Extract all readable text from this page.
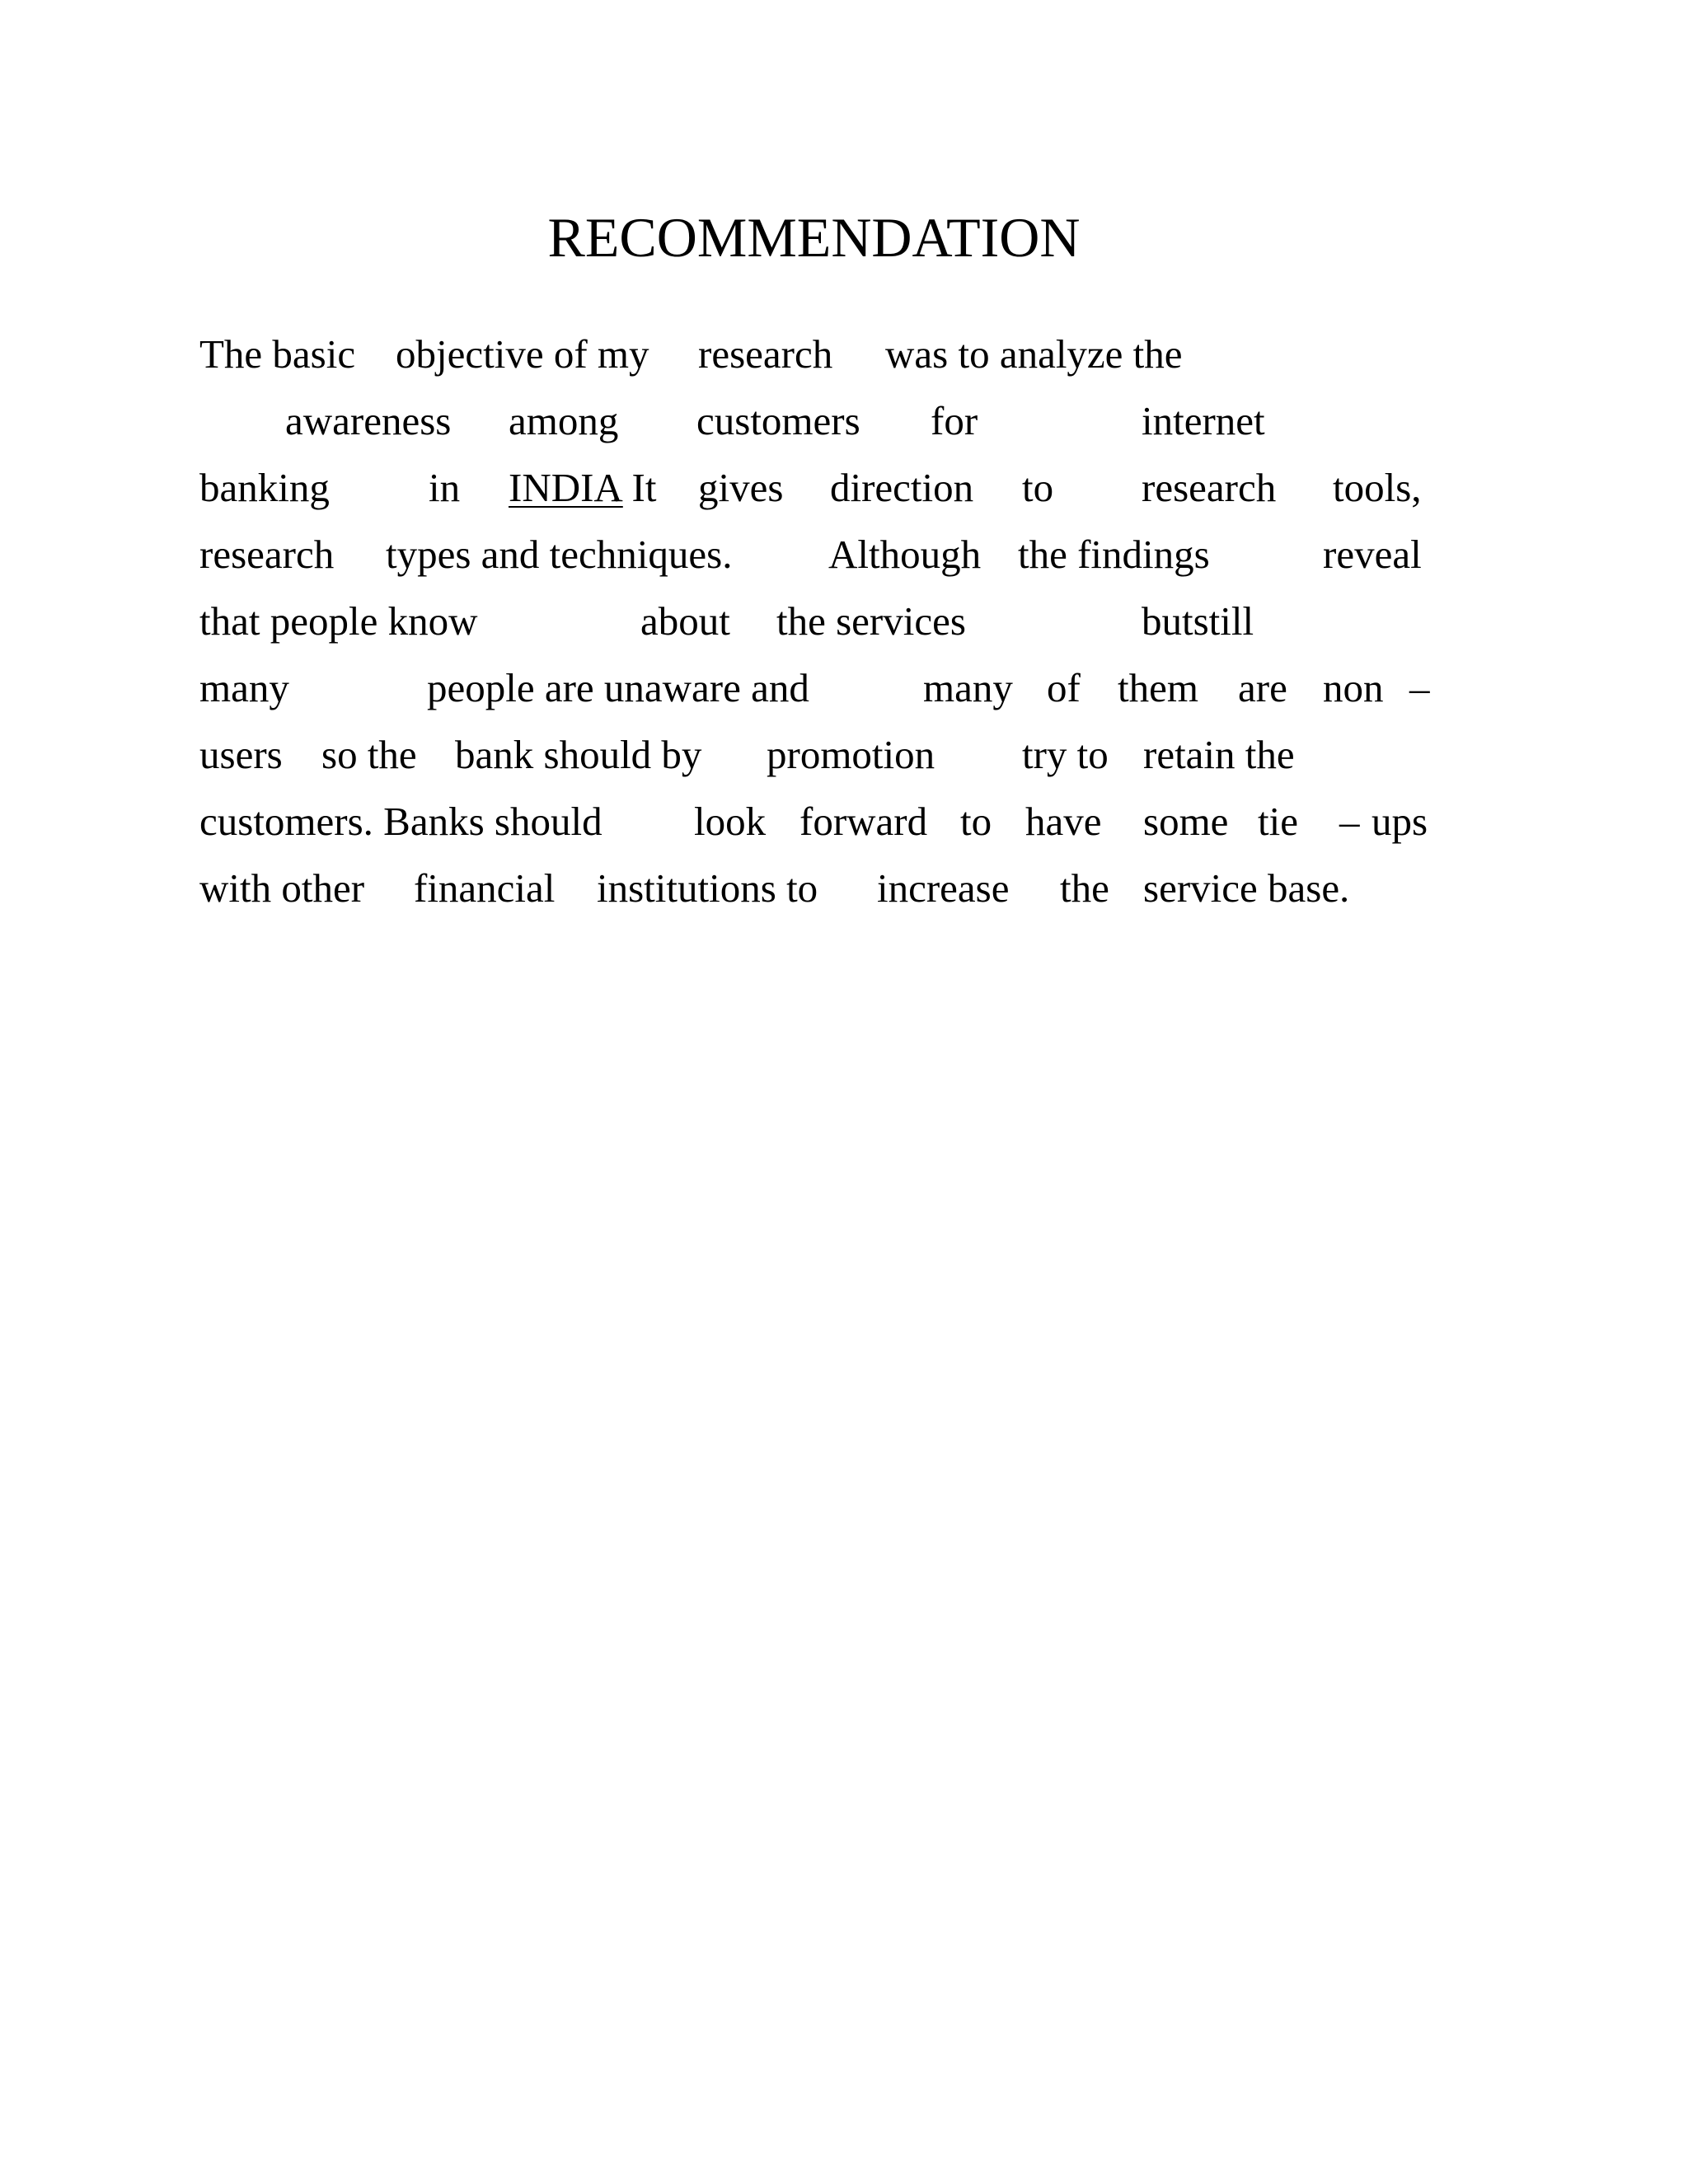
RECOMMENDATION
The basic objective of my research was to analyze the
awareness among customers for	internet
banking in INDIA
. It gives direction to research tools,
research types and techniques. Although the findings	reveal
that people know	about the services	butstill
many	people are unaware and	many of them are non –
users so the bank should by promotion try to retain the
customers. Banks should look forward to have some tie – ups
with other financial institutions to increase the service base.
